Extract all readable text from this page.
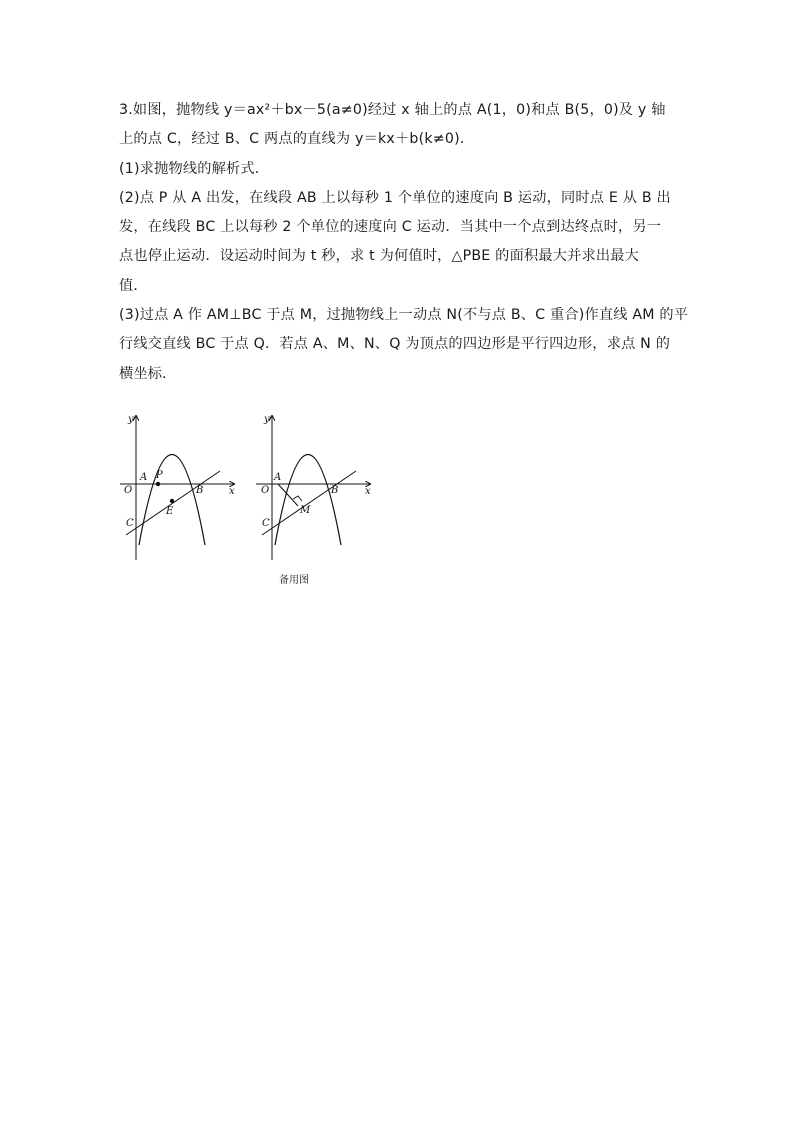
3.如图，抛物线 y＝ax²＋bx－5(a≠0)经过 x 轴上的点 A(1，0)和点 B(5，0)及 y 轴

上的点 C，经过 B、C 两点的直线为 y＝kx＋b(k≠0)．

(1)求抛物线的解析式．

(2)点 P 从 A 出发，在线段 AB 上以每秒 1 个单位的速度向 B 运动，同时点 E 从 B 出

发，在线段 BC 上以每秒 2 个单位的速度向 C 运动．当其中一个点到达终点时，另一

点也停止运动．设运动时间为 t 秒，求 t 为何值时，△PBE 的面积最大并求出最大

值．

(3)过点 A 作 AM⊥BC 于点 M，过抛物线上一动点 N(不与点 B、C 重合)作直线 AM 的平

行线交直线 BC 于点 Q．若点 A、M、N、Q 为顶点的四边形是平行四边形，求点 N 的

横坐标．

y
x
O
A P
B
C
E
y
x
O
A
B
C
M
备用图
